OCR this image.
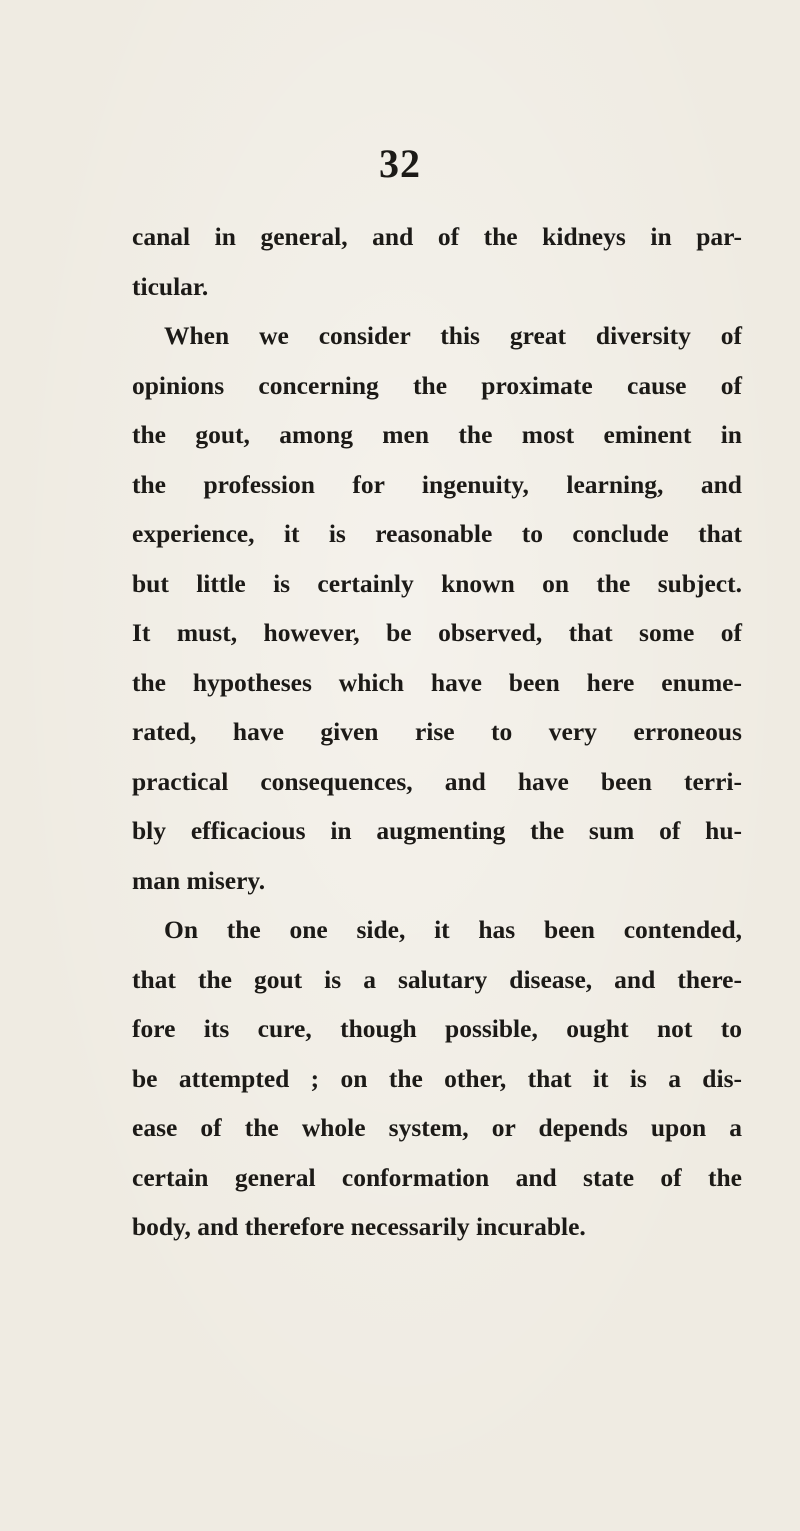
32
canal in general, and of the kidneys in par-
ticular.
When we consider this great diversity of
opinions concerning the proximate cause of
the gout, among men the most eminent in
the profession for ingenuity, learning, and
experience, it is reasonable to conclude that
but little is certainly known on the subject.
It must, however, be observed, that some of
the hypotheses which have been here enume-
rated, have given rise to very erroneous
practical consequences, and have been terri-
bly efficacious in augmenting the sum of hu-
man misery.
On the one side, it has been contended,
that the gout is a salutary disease, and there-
fore its cure, though possible, ought not to
be attempted ; on the other, that it is a dis-
ease of the whole system, or depends upon a
certain general conformation and state of the
body, and therefore necessarily incurable.
